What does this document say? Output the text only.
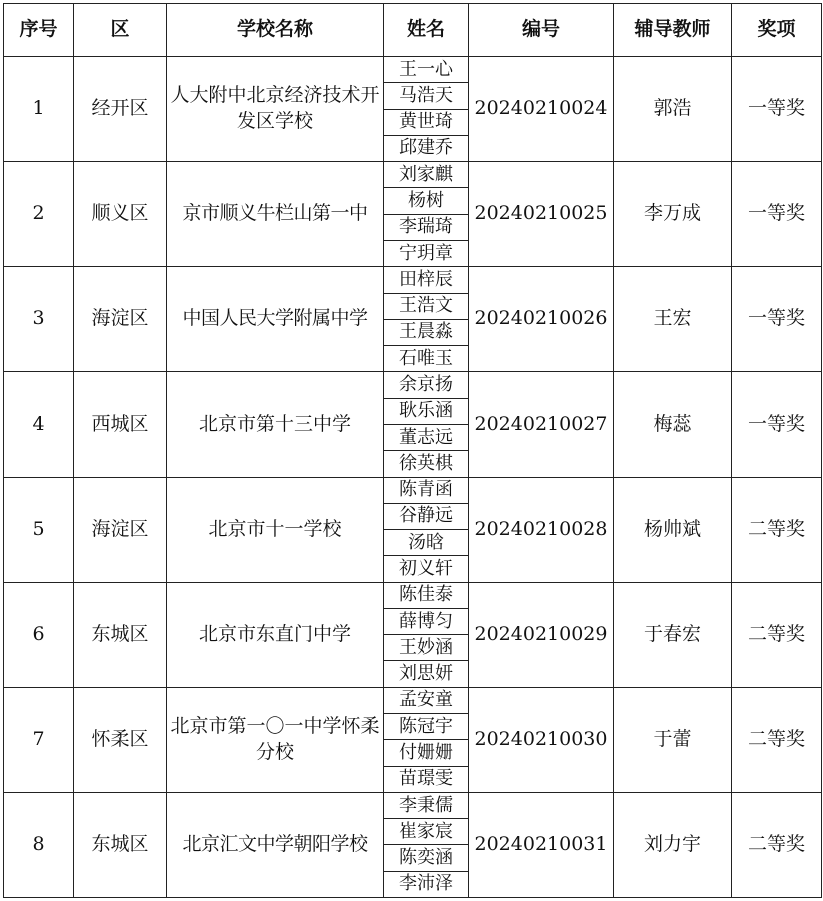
序号	区	学校名称	姓名	编号	辅导教师	奖项
1	经开区	人大附中北京经济技术开发区学校	王一心
马浩天
黄世琦
邱建乔	20240210024	郭浩	一等奖
2	顺义区	京市顺义牛栏山第一中	刘家麒
杨树
李瑞琦
宁玥章	20240210025	李万成	一等奖
3	海淀区	中国人民大学附属中学	田梓辰
王浩文
王晨淼
石唯玉	20240210026	王宏	一等奖
4	西城区	北京市第十三中学	余京扬
耿乐涵
董志远
徐英棋	20240210027	梅蕊	一等奖
5	海淀区	北京市十一学校	陈青函
谷静远
汤晗
初义轩	20240210028	杨帅斌	二等奖
6	东城区	北京市东直门中学	陈佳泰
薛博匀
王妙涵
刘思妍	20240210029	于春宏	二等奖
7	怀柔区	北京市第一〇一中学怀柔分校	孟安童
陈冠宇
付姗姗
苗璟雯	20240210030	于蕾	二等奖
8	东城区	北京汇文中学朝阳学校	李秉儒
崔家宸
陈奕涵
李沛泽	20240210031	刘力宇	二等奖
